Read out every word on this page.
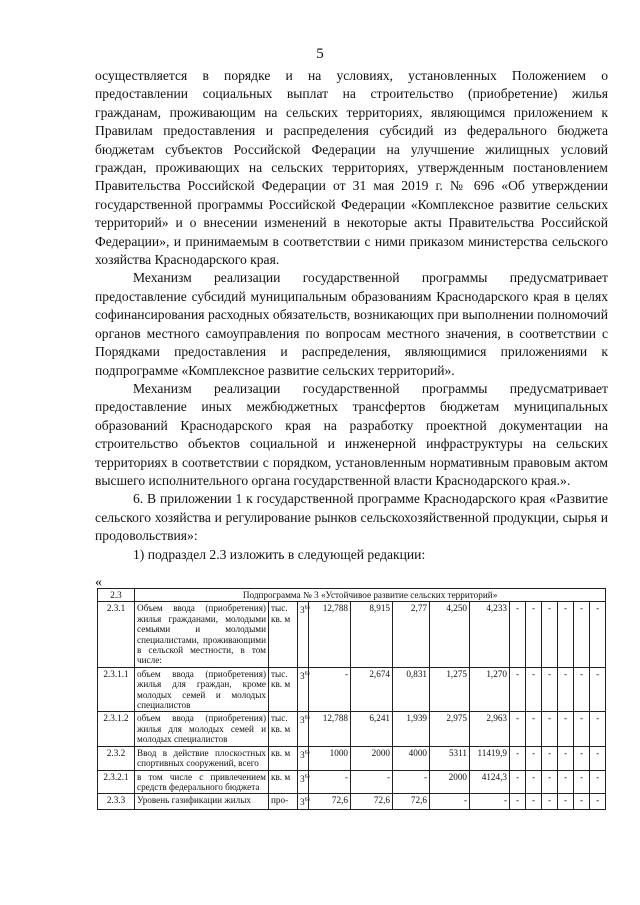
5

осуществляется в порядке и на условиях, установленных Положением о предоставлении социальных выплат на строительство (приобретение) жилья гражданам, проживающим на сельских территориях, являющимся приложением к Правилам предоставления и распределения субсидий из федерального бюджета бюджетам субъектов Российской Федерации на улучшение жилищных условий граждан, проживающих на сельских территориях, утвержденным постановлением Правительства Российской Федерации от 31 мая 2019 г. № 696 «Об утверждении государственной программы Российской Федерации «Комплексное развитие сельских территорий» и о внесении изменений в некоторые акты Правительства Российской Федерации», и принимаемым в соответствии с ними приказом министерства сельского хозяйства Краснодарского края.

Механизм реализации государственной программы предусматривает предоставление субсидий муниципальным образованиям Краснодарского края в целях софинансирования расходных обязательств, возникающих при выполнении полномочий органов местного самоуправления по вопросам местного значения, в соответствии с Порядками предоставления и распределения, являющимися приложениями к подпрограмме «Комплексное развитие сельских территорий».

Механизм реализации государственной программы предусматривает предоставление иных межбюджетных трансфертов бюджетам муниципальных образований Краснодарского края на разработку проектной документации на строительство объектов социальной и инженерной инфраструктуры на сельских территориях в соответствии с порядком, установленным нормативным правовым актом высшего исполнительного органа государственной власти Краснодарского края.».

6. В приложении 1 к государственной программе Краснодарского края «Развитие сельского хозяйства и регулирование рынков сельскохозяйственной продукции, сырья и продовольствия»:

1) подраздел 2.3 изложить в следующей редакции:

«
2.3	Подпрограмма № 3 «Устойчивое развитие сельских территорий»													
2.3.1	Объем ввода (приобретения) жилья гражданами, молодыми семьями и молодыми специалистами, проживающими в сельской местности, в том числе:	тыс. кв. м	3$^{6)}$	12,788	8,915	2,77	4,250	4,233	-	-	-	-	-	-
2.3.1.1	объем ввода (приобретения) жилья для граждан, кроме молодых семей и молодых специалистов	тыс. кв. м	3$^{6)}$	-	2,674	0,831	1,275	1,270	-	-	-	-	-	-
2.3.1.2	объем ввода (приобретения) жилья для молодых семей и молодых специалистов	тыс. кв. м	3$^{6)}$	12,788	6,241	1,939	2,975	2,963	-	-	-	-	-	-
2.3.2	Ввод в действие плоскостных спортивных сооружений, всего	кв. м	3$^{6)}$	1000	2000	4000	5311	11419,9	-	-	-	-	-	-
2.3.2.1	в том числе с привлечением средств федерального бюджета	кв. м	3$^{6)}$	-	-	-	2000	4124,3	-	-	-	-	-	-
2.3.3	Уровень газификации жилых	про-	3$^{6)}$	72,6	72,6	72,6	-	-	-	-	-	-	-	-
